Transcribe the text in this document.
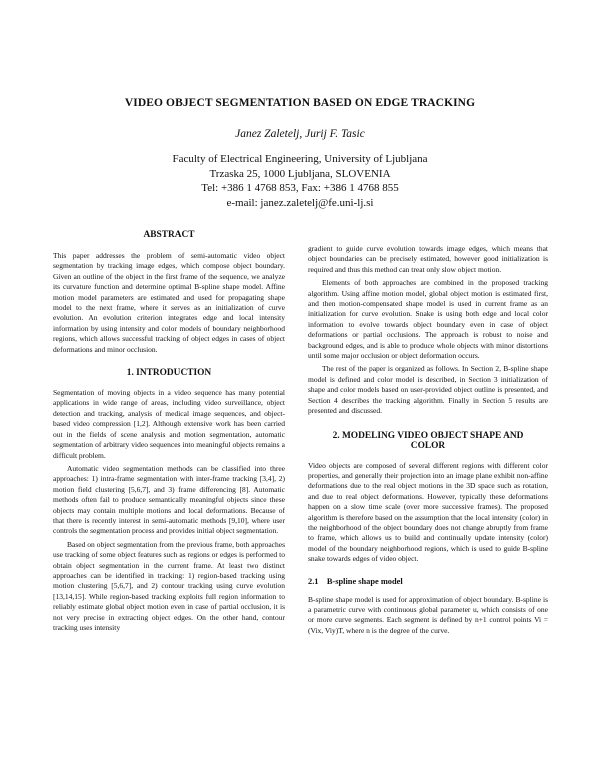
VIDEO OBJECT SEGMENTATION BASED ON EDGE TRACKING
Janez Zaletelj, Jurij F. Tasic
Faculty of Electrical Engineering, University of Ljubljana
Trzaska 25, 1000 Ljubljana, SLOVENIA
Tel: +386 1 4768 853, Fax: +386 1 4768 855
e-mail: janez.zaletelj@fe.uni-lj.si

ABSTRACT

This paper addresses the problem of semi-automatic video object segmentation by tracking image edges, which compose object boundary. Given an outline of the object in the first frame of the sequence, we analyze its curvature function and determine optimal B-spline shape model. Affine motion model parameters are estimated and used for propagating shape model to the next frame, where it serves as an initialization of curve evolution. An evolution criterion integrates edge and local intensity information by using intensity and color models of boundary neighborhood regions, which allows successful tracking of object edges in cases of object deformations and minor occlusion.

1. INTRODUCTION

Segmentation of moving objects in a video sequence has many potential applications in wide range of areas, including video surveillance, object detection and tracking, analysis of medical image sequences, and object-based video compression [1,2]. Although extensive work has been carried out in the fields of scene analysis and motion segmentation, automatic segmentation of arbitrary video sequences into meaningful objects remains a difficult problem.

Automatic video segmentation methods can be classified into three approaches: 1) intra-frame segmentation with inter-frame tracking [3,4], 2) motion field clustering [5,6,7], and 3) frame differencing [8]. Automatic methods often fail to produce semantically meaningful objects since these objects may contain multiple motions and local deformations. Because of that there is recently interest in semi-automatic methods [9,10], where user controls the segmentation process and provides initial object segmentation.

Based on object segmentation from the previous frame, both approaches use tracking of some object features such as regions or edges is performed to obtain object segmentation in the current frame. At least two distinct approaches can be identified in tracking: 1) region-based tracking using motion clustering [5,6,7], and 2) contour tracking using curve evolution [13,14,15]. While region-based tracking exploits full region information to reliably estimate global object motion even in case of partial occlusion, it is not very precise in extracting object edges. On the other hand, contour tracking uses intensity

gradient to guide curve evolution towards image edges, which means that object boundaries can be precisely estimated, however good initialization is required and thus this method can treat only slow object motion.

Elements of both approaches are combined in the proposed tracking algorithm. Using affine motion model, global object motion is estimated first, and then motion-compensated shape model is used in current frame as an initialization for curve evolution. Snake is using both edge and local color information to evolve towards object boundary even in case of object deformations or partial occlusions. The approach is robust to noise and background edges, and is able to produce whole objects with minor distortions until some major occlusion or object deformation occurs.

The rest of the paper is organized as follows. In Section 2, B-spline shape model is defined and color model is described, in Section 3 initialization of shape and color models based on user-provided object outline is presented, and Section 4 describes the tracking algorithm. Finally in Section 5 results are presented and discussed.

2. MODELING VIDEO OBJECT SHAPE AND

COLOR

Video objects are composed of several different regions with different color properties, and generally their projection into an image plane exhibit non-affine deformations due to the real object motions in the 3D space such as rotation, and due to real object deformations. However, typically these deformations happen on a slow time scale (over more successive frames). The proposed algorithm is therefore based on the assumption that the local intensity (color) in the neighborhood of the object boundary does not change abruptly from frame to frame, which allows us to build and continually update intensity (color) model of the boundary neighborhood regions, which is used to guide B-spline snake towards edges of video object.

2.1    B-spline shape model

B-spline shape model is used for approximation of object boundary. B-spline is a parametric curve with continuous global parameter u, which consists of one or more curve segments. Each segment is defined by n+1 control points Vi = (Vix, Viy)T, where n is the degree of the curve.
